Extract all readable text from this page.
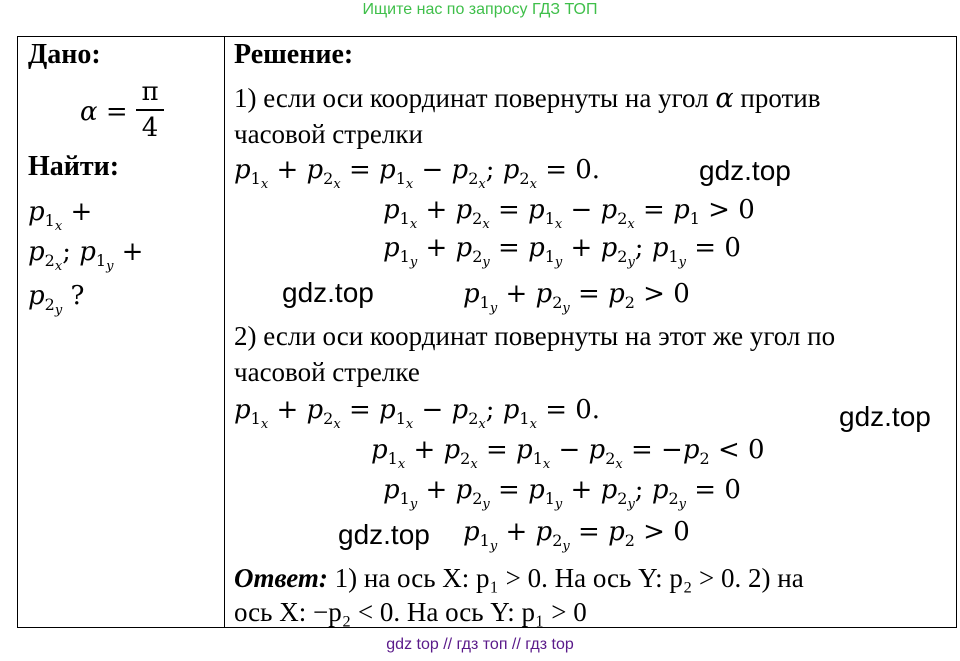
Ищите нас по запросу ГДЗ ТОП
Дано:
α =
π
4
Найти:
$p_{1_x}$ +
$p_{2_x}$; $p_{1_y}$ +
$p_{2_y}$ ?
Решение:
1) если оси координат повернуты на угол α против
часовой стрелки
$p_{1_x} + p_{2_x} = p_{1_x} - p_{2_x}$; $p_{2_x} = 0$.	gdz.top
$p_{1_x} + p_{2_x} = p_{1_x} - p_{2_x} = p_1 > 0$
$p_{1_y} + p_{2_y} = p_{1_y} + p_{2_y}$; $p_{1_y} = 0$
gdz.top	$p_{1_y} + p_{2_y} = p_2 > 0$
2) если оси координат повернуты на этот же угол по
часовой стрелке
$p_{1_x} + p_{2_x} = p_{1_x} - p_{2_x}$; $p_{1_x} = 0$.	gdz.top
$p_{1_x} + p_{2_x} = p_{1_x} - p_{2_x} = -p_2 < 0$
$p_{1_y} + p_{2_y} = p_{1_y} + p_{2_y}$; $p_{2_y} = 0$
gdz.top $p_{1_y} + p_{2_y} = p_2 > 0$
Ответ: 1) на ось X: p₁ > 0. На ось Y: p₂ > 0. 2) на
ось X: −p₂ < 0. На ось Y: p₁ > 0
gdz top // гдз топ // гдз top
